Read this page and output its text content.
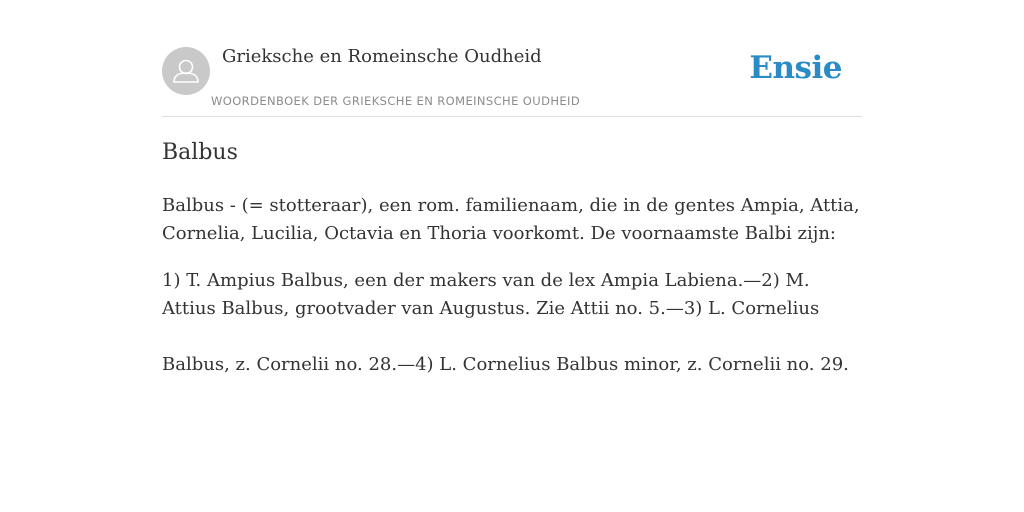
Grieksche en Romeinsche Oudheid
WOORDENBOEK DER GRIEKSCHE EN ROMEINSCHE OUDHEID
Ensie
Balbus

Balbus - (= stotteraar), een rom. familienaam, die in de gentes Ampia, Attia, Cornelia, Lucilia, Octavia en Thoria voorkomt. De voornaamste Balbi zijn:

1) T. Ampius Balbus, een der makers van de lex Ampia Labiena.—2) M. Attius Balbus, grootvader van Augustus. Zie Attii no. 5.—3) L. Cornelius

Balbus, z. Cornelii no. 28.—4) L. Cornelius Balbus minor, z. Cornelii no. 29.
